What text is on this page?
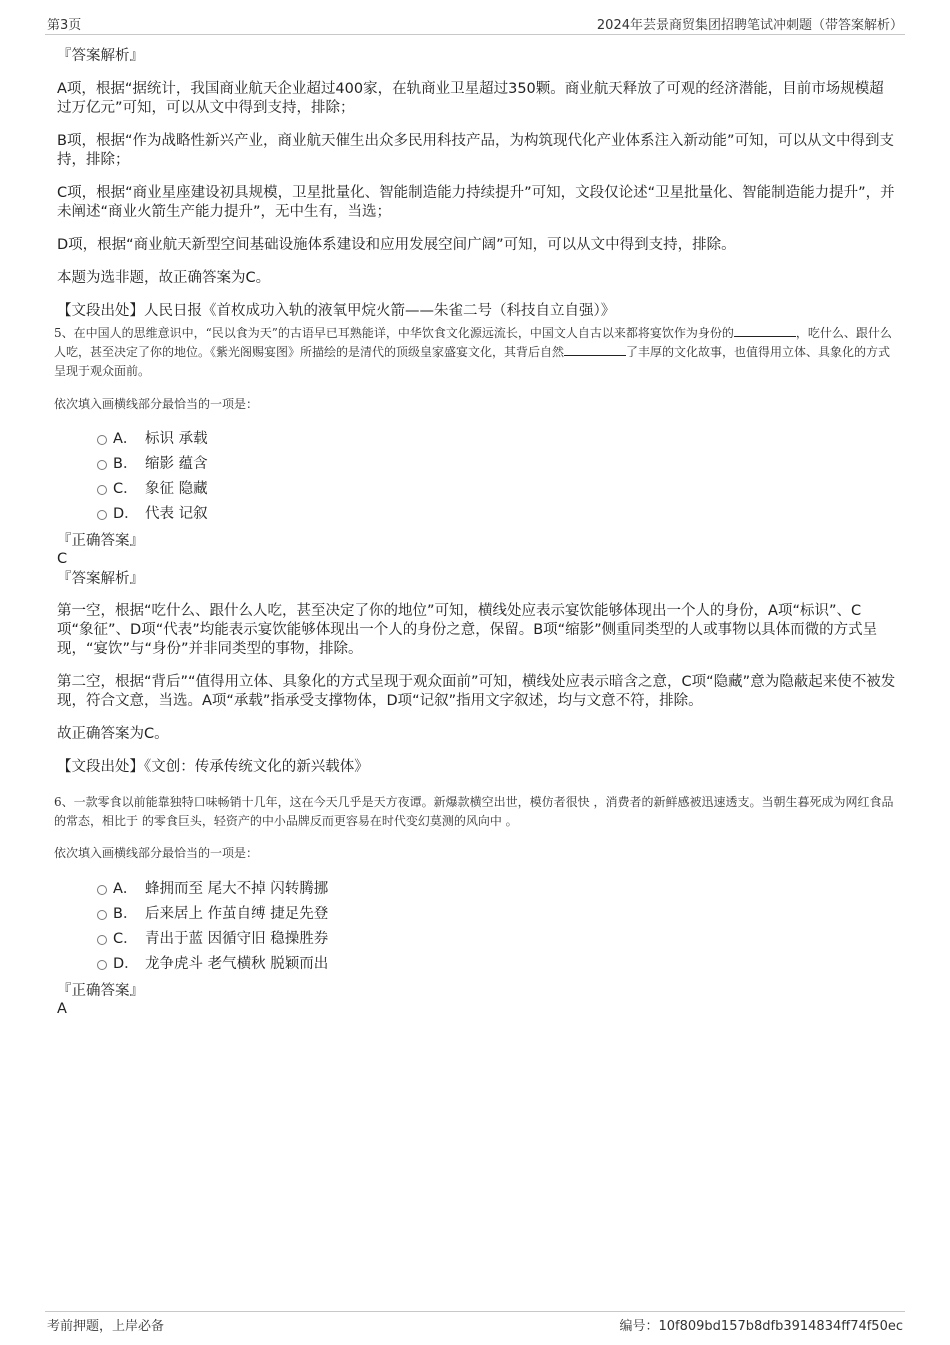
第3页	2024年芸景商贸集团招聘笔试冲刺题（带答案解析）

『答案解析』

A项，根据“据统计，我国商业航天企业超过400家，在轨商业卫星超过350颗。商业航天释放了可观的经济潜能，目前市场规模超过万亿元”可知，可以从文中得到支持，排除；

B项，根据“作为战略性新兴产业，商业航天催生出众多民用科技产品，为构筑现代化产业体系注入新动能”可知，可以从文中得到支持，排除；

C项，根据“商业星座建设初具规模，卫星批量化、智能制造能力持续提升”可知，文段仅论述“卫星批量化、智能制造能力提升”，并未阐述“商业火箭生产能力提升”，无中生有，当选；

D项，根据“商业航天新型空间基础设施体系建设和应用发展空间广阔”可知，可以从文中得到支持，排除。

本题为选非题，故正确答案为C。

【文段出处】人民日报《首枚成功入轨的液氧甲烷火箭——朱雀二号（科技自立自强）》

5、在中国人的思维意识中，“民以食为天”的古语早已耳熟能详，中华饮食文化源远流长，中国文人自古以来都将宴饮作为身份的	，吃什么、跟什么人吃，甚至决定了你的地位。《紫光阁赐宴图》所描绘的是清代的顶级皇家盛宴文化，其背后自然	了丰厚的文化故事，也值得用立体、具象化的方式呈现于观众面前。

依次填入画横线部分最恰当的一项是：

A． 标识 承载
B． 缩影 蕴含
C． 象征 隐藏
D． 代表 记叙

『正确答案』

C

『答案解析』

第一空，根据“吃什么、跟什么人吃，甚至决定了你的地位”可知，横线处应表示宴饮能够体现出一个人的身份，A项“标识”、C项“象征”、D项“代表”均能表示宴饮能够体现出一个人的身份之意，保留。B项“缩影”侧重同类型的人或事物以具体而微的方式呈现，“宴饮”与“身份”并非同类型的事物，排除。

第二空，根据“背后”“值得用立体、具象化的方式呈现于观众面前”可知，横线处应表示暗含之意，C项“隐藏”意为隐蔽起来使不被发现，符合文意，当选。A项“承载”指承受支撑物体，D项“记叙”指用文字叙述，均与文意不符，排除。

故正确答案为C。

【文段出处】《文创：传承传统文化的新兴载体》

6、一款零食以前能靠独特口味畅销十几年，这在今天几乎是天方夜谭。新爆款横空出世，模仿者很快 ，消费者的新鲜感被迅速透支。当朝生暮死成为网红食品的常态，相比于 的零食巨头，轻资产的中小品牌反而更容易在时代变幻莫测的风向中 。

依次填入画横线部分最恰当的一项是：

A． 蜂拥而至 尾大不掉 闪转腾挪
B． 后来居上 作茧自缚 捷足先登
C． 青出于蓝 因循守旧 稳操胜券
D． 龙争虎斗 老气横秋 脱颖而出

『正确答案』

A

考前押题，上岸必备	编号：10f809bd157b8dfb3914834ff74f50ec
